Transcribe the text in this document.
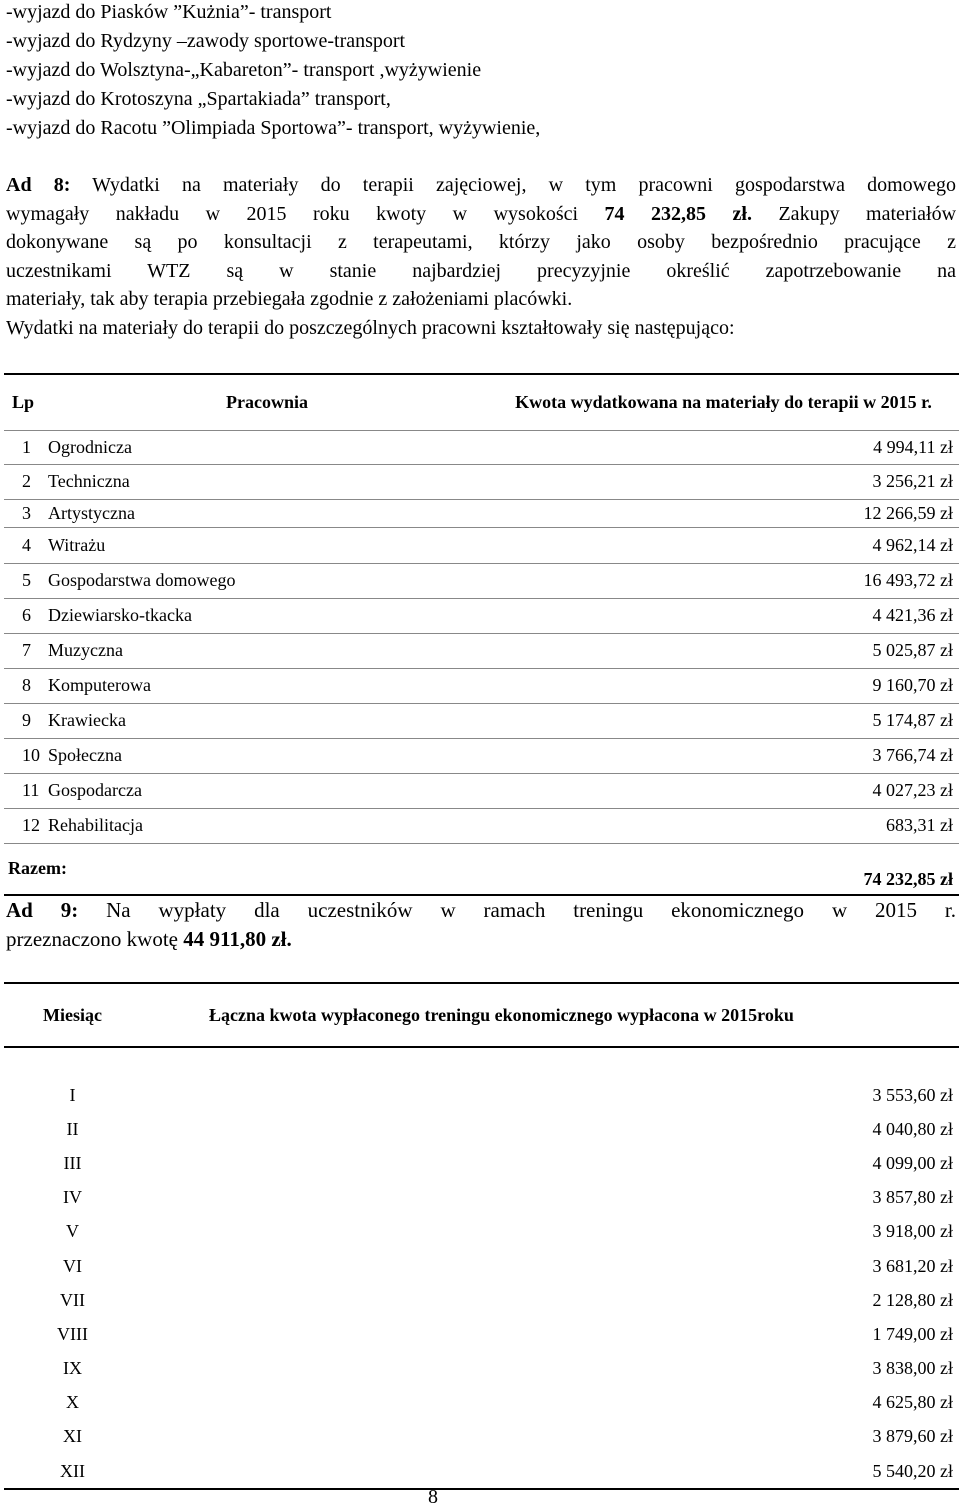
-wyjazd do Piasków ”Kużnia”- transport
-wyjazd do Rydzyny –zawody sportowe-transport
-wyjazd do Wolsztyna-„Kabareton”- transport ,wyżywienie
-wyjazd do Krotoszyna „Spartakiada” transport,
-wyjazd do Racotu ”Olimpiada Sportowa”- transport, wyżywienie,
Ad 8: Wydatki na materiały do terapii zajęciowej, w tym pracowni gospodarstwa domowego
wymagały nakładu w 2015 roku kwoty w wysokości 74 232,85 zł. Zakupy materiałów
dokonywane są po konsultacji z terapeutami, którzy jako osoby bezpośrednio pracujące z
uczestnikami WTZ są w stanie najbardziej precyzyjnie określić zapotrzebowanie na
materiały, tak aby terapia przebiegała zgodnie z założeniami placówki.
Wydatki na materiały do terapii do poszczególnych pracowni kształtowały się następująco:
Lp	Pracownia	Kwota wydatkowana na materiały do terapii w 2015 r.
1	Ogrodnicza	4 994,11 zł
2	Techniczna	3 256,21 zł
3	Artystyczna	12 266,59 zł
4	Witrażu	4 962,14 zł
5	Gospodarstwa domowego	16 493,72 zł
6	Dziewiarsko-tkacka	4 421,36 zł
7	Muzyczna	5 025,87 zł
8	Komputerowa	9 160,70 zł
9	Krawiecka	5 174,87 zł
10	Społeczna	3 766,74 zł
11	Gospodarcza	4 027,23 zł
12	Rehabilitacja	683,31 zł
Razem:		74 232,85 zł
Ad 9: Na wypłaty dla uczestników w ramach treningu ekonomicznego w 2015 r.
przeznaczono kwotę 44 911,80 zł.
Miesiąc	Łączna kwota wypłaconego treningu ekonomicznego wypłacona w 2015roku

I	3 553,60 zł
II	4 040,80 zł
III	4 099,00 zł
IV	3 857,80 zł
V	3 918,00 zł
VI	3 681,20 zł
VII	2 128,80 zł
VIII	1 749,00 zł
IX	3 838,00 zł
X	4 625,80 zł
XI	3 879,60 zł
XII	5 540,20 zł
8
